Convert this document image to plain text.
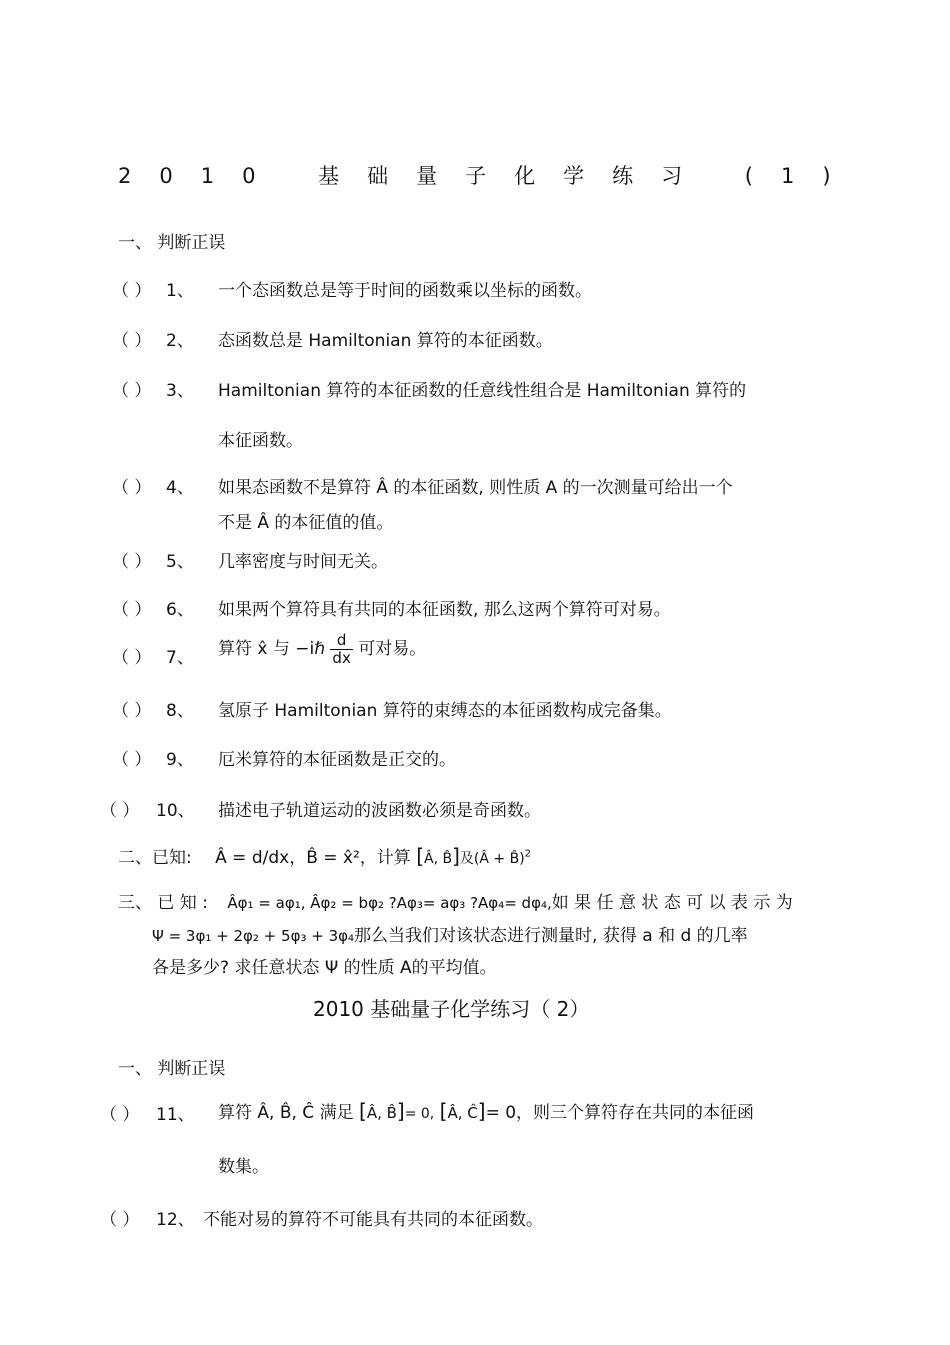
2010 基础量子化学练习 (1)
一、 判断正误
（ ） 1、 一个态函数总是等于时间的函数乘以坐标的函数。
（ ） 2、 态函数总是 Hamiltonian 算符的本征函数。
（ ） 3、 Hamiltonian 算符的本征函数的任意线性组合是 Hamiltonian 算符的
本征函数。
（ ） 4、 如果态函数不是算符 Â 的本征函数, 则性质 A 的一次测量可给出一个
不是 Â 的本征值的值。
（ ） 5、 几率密度与时间无关。
（ ） 6、 如果两个算符具有共同的本征函数, 那么这两个算符可对易。
（ ） 7、 算符 x̂ 与 −iℏ $\frac{d}{dx}$ 可对易。
（ ） 8、 氢原子 Hamiltonian 算符的束缚态的本征函数构成完备集。
（ ） 9、 厄米算符的本征函数是正交的。
（ ） 10、 描述电子轨道运动的波函数必须是奇函数。
二、已知: Â = d/dx，B̂ = x̂²，计算 [Â, B̂]及(Â + B̂)$^2$
三、 已 知 : Âφ₁ = aφ₁, Âφ₂ = bφ₂ ?Aφ₃= aφ₃ ?Aφ₄= dφ₄,如 果 任 意 状 态 可 以 表 示 为
Ψ = 3φ₁ + 2φ₂ + 5φ₃ + 3φ₄那么当我们对该状态进行测量时, 获得 a 和 d 的几率
各是多少? 求任意状态 Ψ 的性质 A的平均值。
2010 基础量子化学练习（ 2）
一、 判断正误
（ ） 11、 算符 Â, B̂, Ĉ 满足 [Â, B̂]= 0, [Â, Ĉ]= 0，则三个算符存在共同的本征函
数集。
（ ） 12、 不能对易的算符不可能具有共同的本征函数。
